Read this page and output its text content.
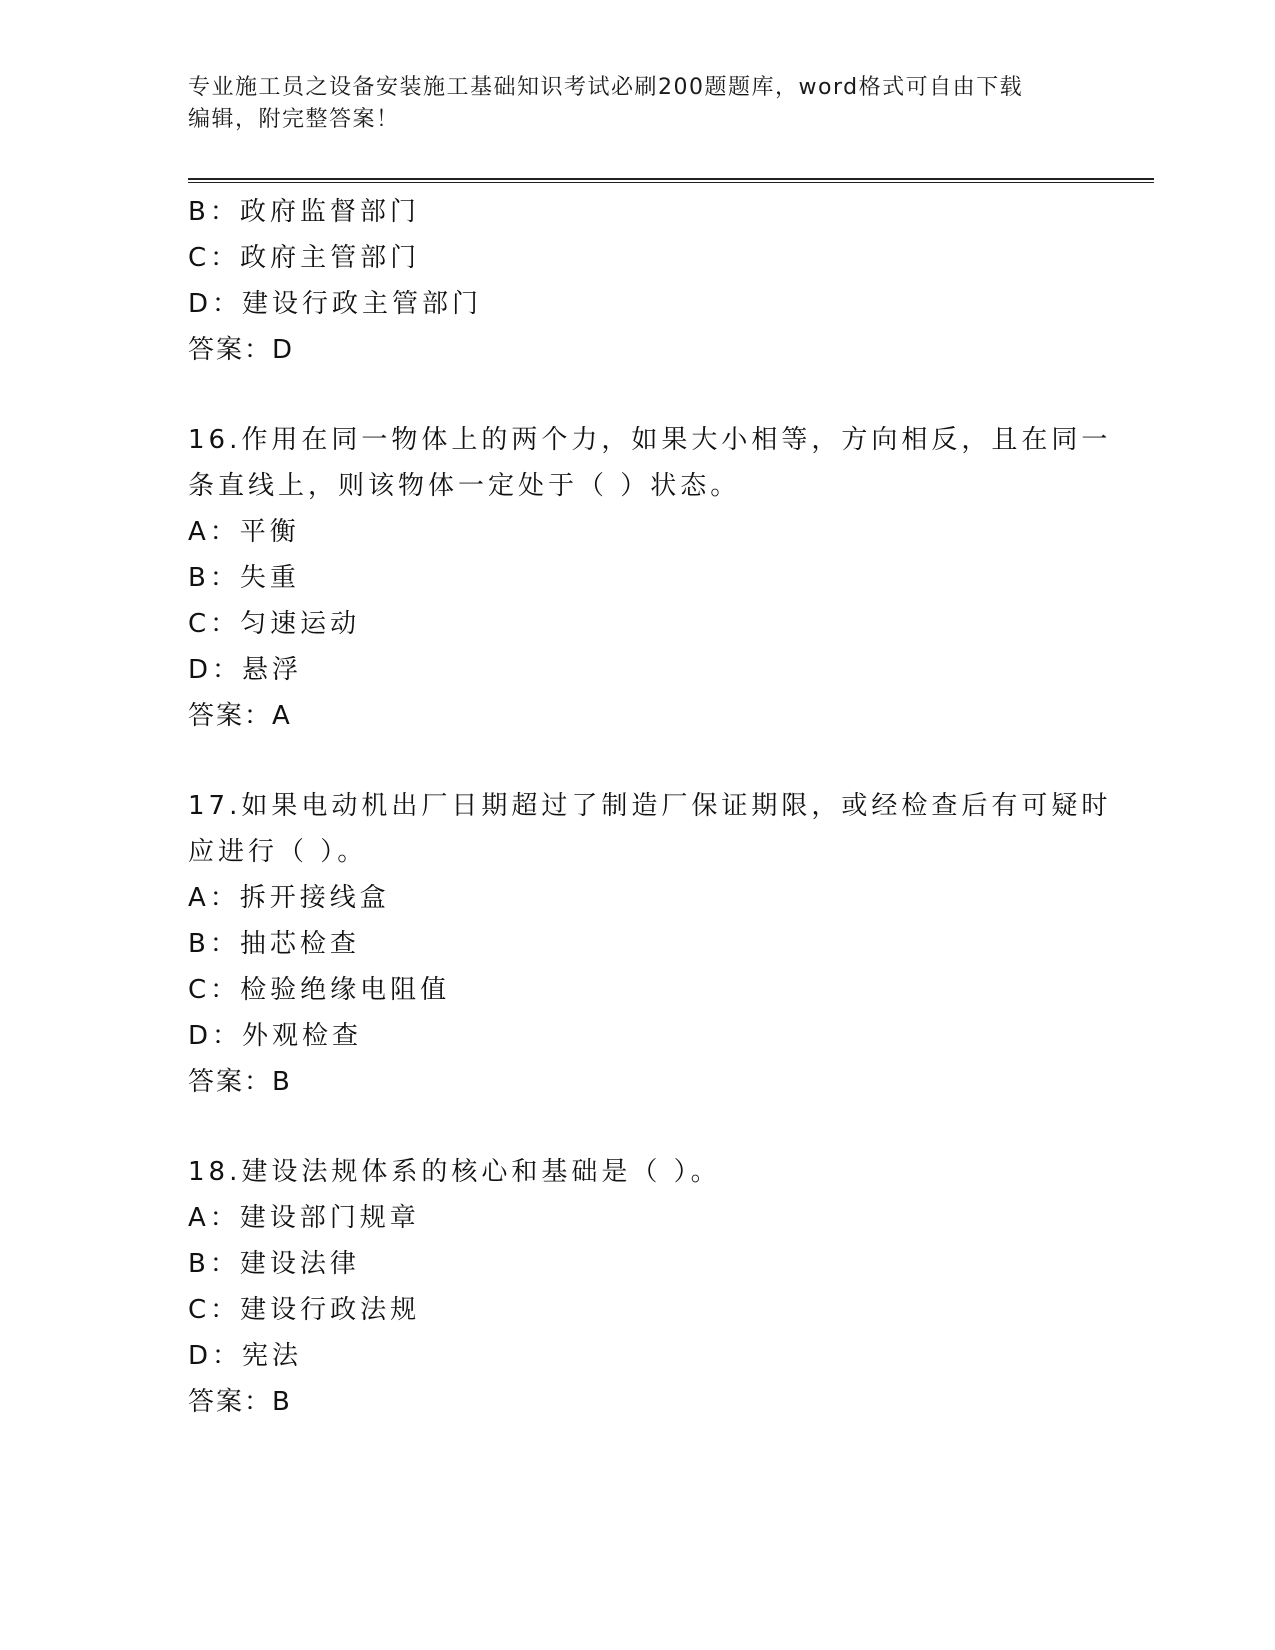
专业施工员之设备安装施工基础知识考试必刷200题题库，word格式可自由下载
编辑，附完整答案！
B：政府监督部门
C：政府主管部门
D：建设行政主管部门
答案：D
16.作用在同一物体上的两个力，如果大小相等，方向相反，且在同一
条直线上，则该物体一定处于（ ）状态。
A：平衡
B：失重
C：匀速运动
D：悬浮
答案：A
17.如果电动机出厂日期超过了制造厂保证期限，或经检查后有可疑时
应进行（ ）。
A：拆开接线盒
B：抽芯检查
C：检验绝缘电阻值
D：外观检查
答案：B
18.建设法规体系的核心和基础是（ ）。
A：建设部门规章
B：建设法律
C：建设行政法规
D：宪法
答案：B
